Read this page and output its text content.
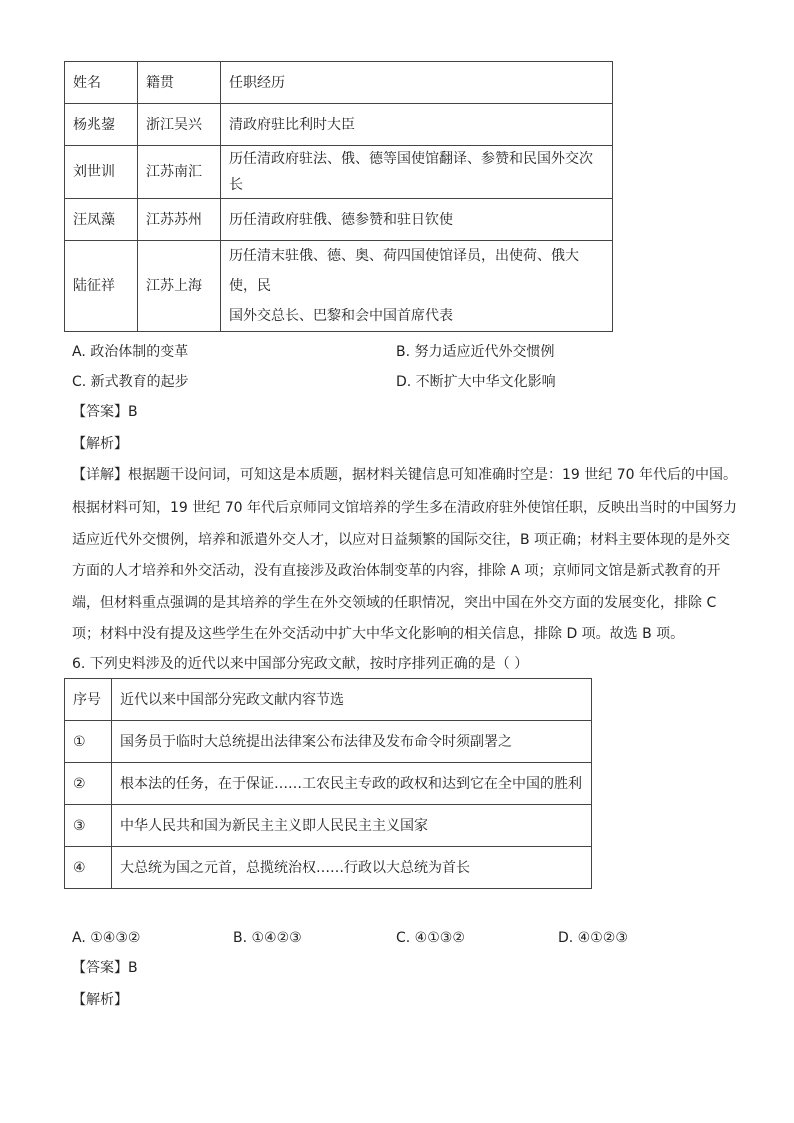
姓名	籍贯	任职经历
杨兆鋆	浙江吴兴	清政府驻比利时大臣
刘世训	江苏南汇	历任清政府驻法、俄、德等国使馆翻译、参赞和民国外交次长
汪凤藻	江苏苏州	历任清政府驻俄、德参赞和驻日钦使
陆征祥	江苏上海	历任清末驻俄、德、奥、荷四国使馆译员，出使荷、俄大使，民
国外交总长、巴黎和会中国首席代表
A. 政治体制的变革	B. 努力适应近代外交惯例
C. 新式教育的起步	D. 不断扩大中华文化影响
【答案】B
【解析】
【详解】根据题干设问词，可知这是本质题，据材料关键信息可知准确时空是：19 世纪 70 年代后的中国。
根据材料可知，19 世纪 70 年代后京师同文馆培养的学生多在清政府驻外使馆任职，反映出当时的中国努力
适应近代外交惯例，培养和派遣外交人才，以应对日益频繁的国际交往，B 项正确；材料主要体现的是外交
方面的人才培养和外交活动，没有直接涉及政治体制变革的内容，排除 A 项；京师同文馆是新式教育的开
端，但材料重点强调的是其培养的学生在外交领域的任职情况，突出中国在外交方面的发展变化，排除 C
项；材料中没有提及这些学生在外交活动中扩大中华文化影响的相关信息，排除 D 项。故选 B 项。
6. 下列史料涉及的近代以来中国部分宪政文献，按时序排列正确的是（ ）
序号	近代以来中国部分宪政文献内容节选
①	国务员于临时大总统提出法律案公布法律及发布命令时须副署之
②	根本法的任务，在于保证……工农民主专政的政权和达到它在全中国的胜利
③	中华人民共和国为新民主主义即人民民主主义国家
④	大总统为国之元首，总揽统治权……行政以大总统为首长
A. ①④③②	B. ①④②③	C. ④①③②	D. ④①②③
【答案】B
【解析】
